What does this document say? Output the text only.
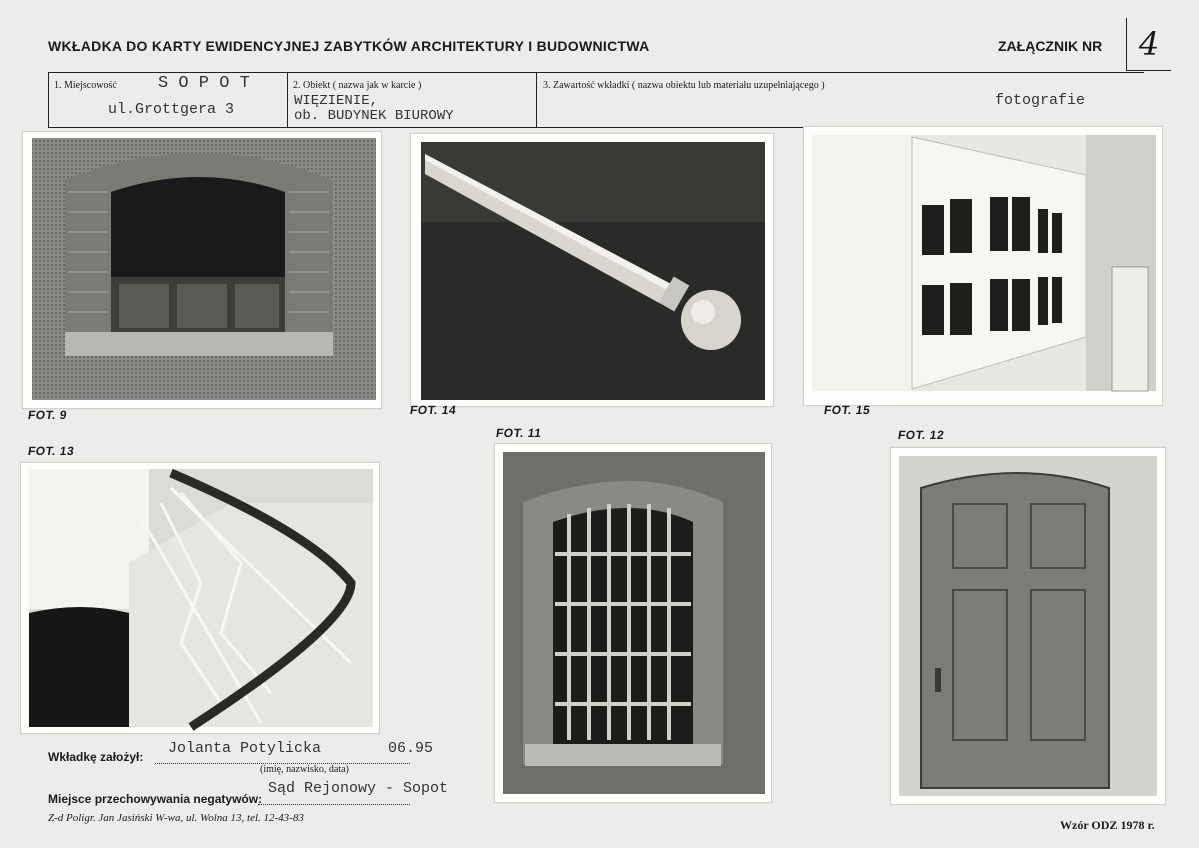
WKŁADKA DO KARTY EWIDENCYJNEJ ZABYTKÓW ARCHITEKTURY I BUDOWNICTWA	ZAŁĄCZNIK NR	4
1. Miejscowość S O P O T
ul.Grottgera 3
2. Obiekt ( nazwa jak w karcie )
WIĘZIENIE,
ob. BUDYNEK BIUROWY
3. Zawartość wkładki ( nazwa obiektu lub materiału uzupełniającego )
fotografie
FOT. 9	FOT. 14	FOT. 15
FOT. 13
FOT. 11	FOT. 12
Wkładkę założył: Jolanta Potylicka	06.95
(imię, nazwisko, data)
Miejsce przechowywania negatywów:
Sąd Rejonowy - Sopot
Z-d Poligr. Jan Jasiński W-wa, ul. Wolna 13, tel. 12-43-83	Wzór ODZ 1978 r.
